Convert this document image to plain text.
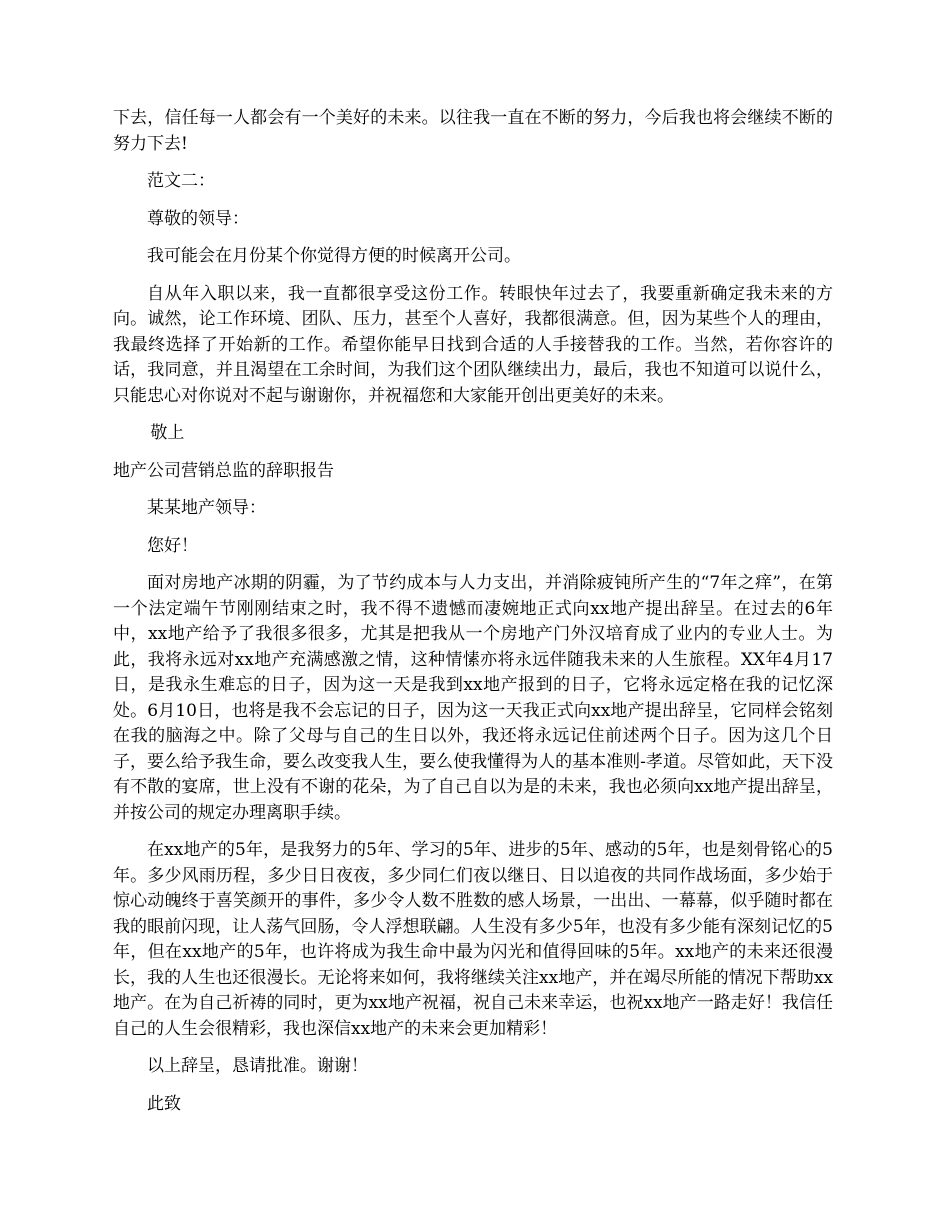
下去，信任每一人都会有一个美好的未来。以往我一直在不断的努力，今后我也将会继续不断的努力下去!

范文二：

尊敬的领导：

我可能会在月份某个你觉得方便的时候离开公司。

自从年入职以来，我一直都很享受这份工作。转眼快年过去了，我要重新确定我未来的方向。诚然，论工作环境、团队、压力，甚至个人喜好，我都很满意。但，因为某些个人的理由，我最终选择了开始新的工作。希望你能早日找到合适的人手接替我的工作。当然，若你容许的话，我同意，并且渴望在工余时间，为我们这个团队继续出力，最后，我也不知道可以说什么，只能忠心对你说对不起与谢谢你，并祝福您和大家能开创出更美好的未来。

敬上

地产公司营销总监的辞职报告

某某地产领导：

您好！

面对房地产冰期的阴霾，为了节约成本与人力支出，并消除疲钝所产生的“7年之痒”，在第一个法定端午节刚刚结束之时，我不得不遗憾而凄婉地正式向xx地产提出辞呈。在过去的6年中，xx地产给予了我很多很多，尤其是把我从一个房地产门外汉培育成了业内的专业人士。为此，我将永远对xx地产充满感激之情，这种情愫亦将永远伴随我未来的人生旅程。XX年4月17日，是我永生难忘的日子，因为这一天是我到xx地产报到的日子，它将永远定格在我的记忆深处。6月10日，也将是我不会忘记的日子，因为这一天我正式向xx地产提出辞呈，它同样会铭刻在我的脑海之中。除了父母与自己的生日以外，我还将永远记住前述两个日子。因为这几个日子，要么给予我生命，要么改变我人生，要么使我懂得为人的基本准则-孝道。尽管如此，天下没有不散的宴席，世上没有不谢的花朵，为了自己自以为是的未来，我也必须向xx地产提出辞呈，并按公司的规定办理离职手续。

在xx地产的5年，是我努力的5年、学习的5年、进步的5年、感动的5年，也是刻骨铭心的5年。多少风雨历程，多少日日夜夜，多少同仁们夜以继日、日以追夜的共同作战场面，多少始于惊心动魄终于喜笑颜开的事件，多少令人数不胜数的感人场景，一出出、一幕幕，似乎随时都在我的眼前闪现，让人荡气回肠，令人浮想联翩。人生没有多少5年，也没有多少能有深刻记忆的5年，但在xx地产的5年，也许将成为我生命中最为闪光和值得回味的5年。xx地产的未来还很漫长，我的人生也还很漫长。无论将来如何，我将继续关注xx地产，并在竭尽所能的情况下帮助xx地产。在为自己祈祷的同时，更为xx地产祝福，祝自己未来幸运，也祝xx地产一路走好！我信任自己的人生会很精彩，我也深信xx地产的未来会更加精彩！

以上辞呈，恳请批准。谢谢！

此致
